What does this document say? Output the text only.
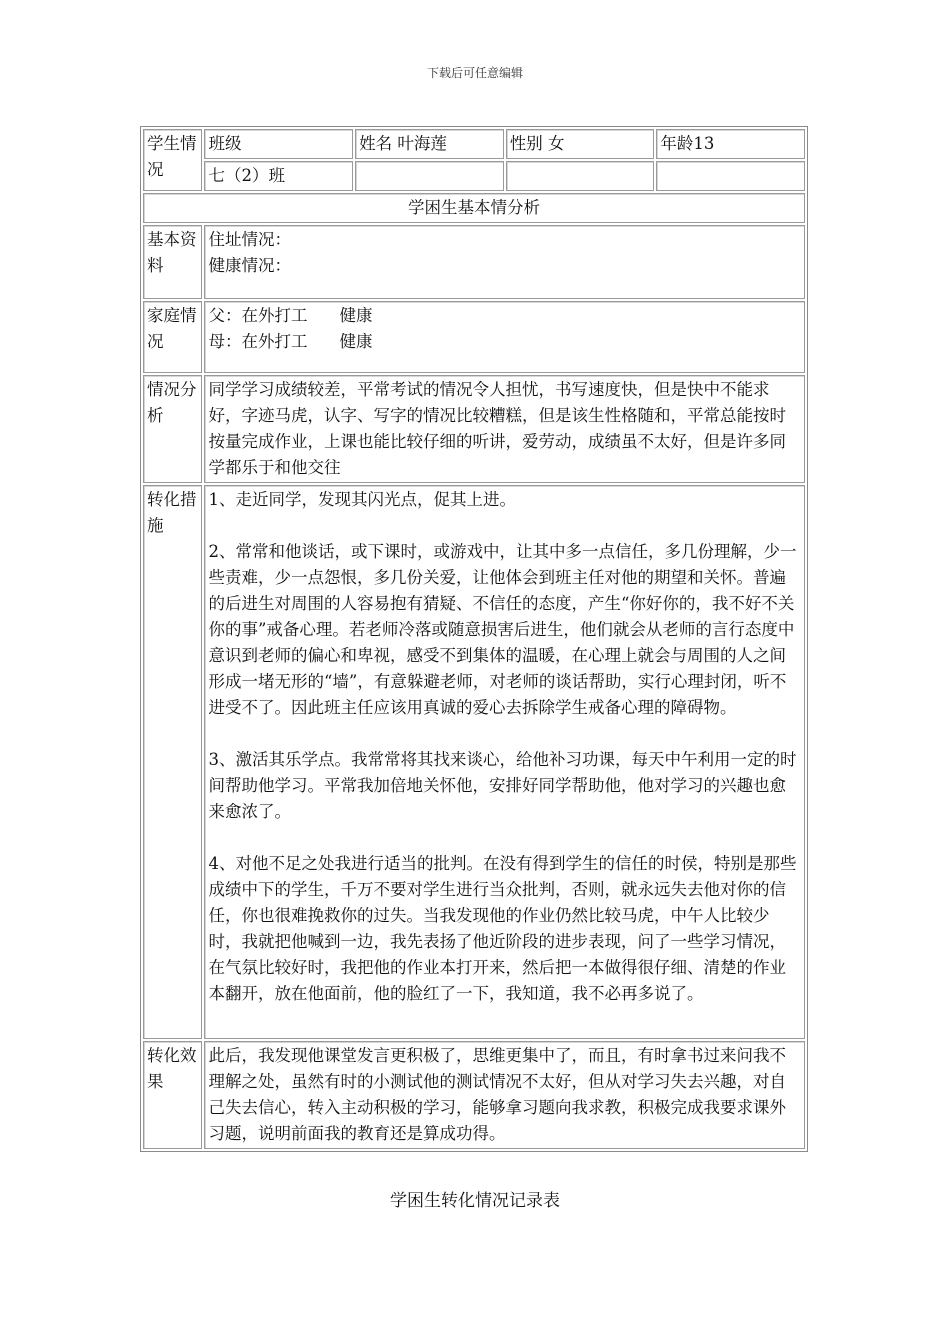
下载后可任意编辑
学生情况	班级	姓名 叶海莲	性别 女	年龄13
	七（2）班			
学困生基本情分析				
基本资料	住址情况：
健康情况：			

家庭情况	父：在外打工 健康
母：在外打工 健康			

情况分析	同学学习成绩较差，平常考试的情况令人担忧，书写速度快，但是快中不能求好，字迹马虎，认字、写字的情况比较糟糕，但是该生性格随和，平常总能按时按量完成作业，上课也能比较仔细的听讲，爱劳动，成绩虽不太好，但是许多同学都乐于和他交往			
转化措施	1、走近同学，发现其闪光点，促其上进。

2、常常和他谈话，或下课时，或游戏中，让其中多一点信任，多几份理解，少一些责难，少一点怨恨，多几份关爱，让他体会到班主任对他的期望和关怀。普遍的后进生对周围的人容易抱有猜疑、不信任的态度，产生“你好你的，我不好不关你的事”戒备心理。若老师冷落或随意损害后进生，他们就会从老师的言行态度中意识到老师的偏心和卑视，感受不到集体的温暖，在心理上就会与周围的人之间形成一堵无形的“墙”，有意躲避老师，对老师的谈话帮助，实行心理封闭，听不进受不了。因此班主任应该用真诚的爱心去拆除学生戒备心理的障碍物。

3、激活其乐学点。我常常将其找来谈心，给他补习功课，每天中午利用一定的时间帮助他学习。平常我加倍地关怀他，安排好同学帮助他，他对学习的兴趣也愈来愈浓了。

4、对他不足之处我进行适当的批判。在没有得到学生的信任的时侯，特别是那些成绩中下的学生，千万不要对学生进行当众批判，否则，就永远失去他对你的信任，你也很难挽救你的过失。当我发现他的作业仍然比较马虎，中午人比较少时，我就把他喊到一边，我先表扬了他近阶段的进步表现，问了一些学习情况，在气氛比较好时，我把他的作业本打开来，然后把一本做得很仔细、清楚的作业本翻开，放在他面前，他的脸红了一下，我知道，我不必再多说了。			

转化效果	此后，我发现他课堂发言更积极了，思维更集中了，而且，有时拿书过来问我不理解之处，虽然有时的小测试他的测试情况不太好，但从对学习失去兴趣，对自己失去信心，转入主动积极的学习，能够拿习题向我求教，积极完成我要求课外习题，说明前面我的教育还是算成功得。			
学困生转化情况记录表
